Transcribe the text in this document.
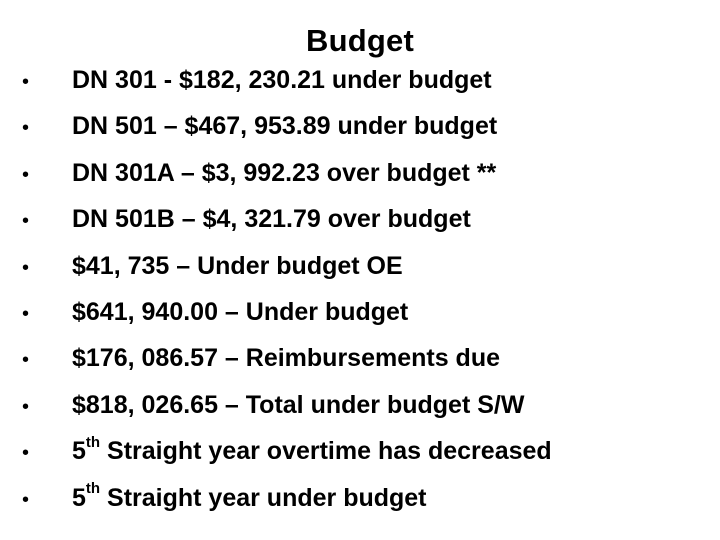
Budget
•	DN 301 - $182, 230.21 under budget
•	DN 501 – $467, 953.89 under budget
•	DN 301A – $3, 992.23 over budget **
•	DN 501B – $4, 321.79 over budget
•	$41, 735 – Under budget OE
•	$641, 940.00 – Under budget
•	$176, 086.57 – Reimbursements due
•	$818, 026.65 – Total under budget S/W
•	5th Straight year overtime has decreased
•	5th Straight year under budget
